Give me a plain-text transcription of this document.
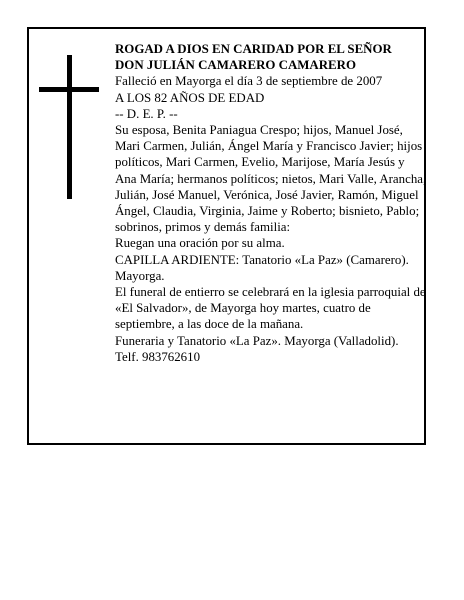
ROGAD A DIOS EN CARIDAD POR EL SEÑOR

DON JULIÁN CAMARERO CAMARERO

Falleció en Mayorga el día 3 de septiembre de 2007

A LOS 82 AÑOS DE EDAD

-- D. E. P. --

Su esposa, Benita Paniagua Crespo; hijos, Manuel José, Mari Carmen, Julián, Ángel María y Francisco Javier; hijos políticos, Mari Carmen, Evelio, Marijose, María Jesús y Ana María; hermanos políticos; nietos, Mari Valle, Arancha, Julián, José Manuel, Verónica, José Javier, Ramón, Miguel Ángel, Claudia, Virginia, Jaime y Roberto; bisnieto, Pablo; sobrinos, primos y demás familia:

Ruegan una oración por su alma.

CAPILLA ARDIENTE: Tanatorio «La Paz» (Camarero). Mayorga.

El funeral de entierro se celebrará en la iglesia parroquial de «El Salvador», de Mayorga hoy martes, cuatro de septiembre, a las doce de la mañana.

Funeraria y Tanatorio «La Paz». Mayorga (Valladolid).

Telf. 983762610
